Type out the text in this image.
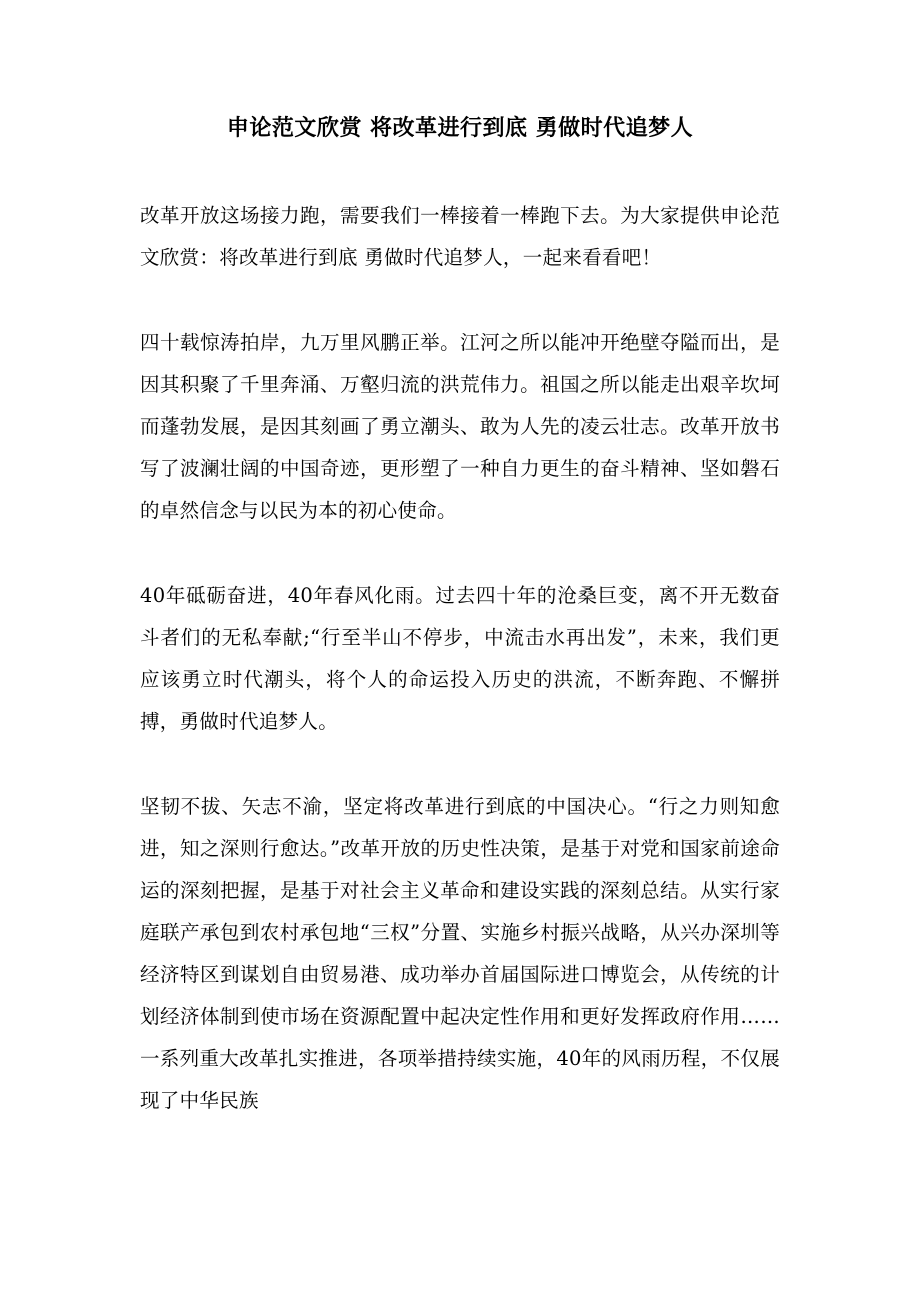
申论范文欣赏 将改革进行到底 勇做时代追梦人

改革开放这场接力跑，需要我们一棒接着一棒跑下去。为大家提供申论范文欣赏：将改革进行到底 勇做时代追梦人，一起来看看吧！

四十载惊涛拍岸，九万里风鹏正举。江河之所以能冲开绝壁夺隘而出，是因其积聚了千里奔涌、万壑归流的洪荒伟力。祖国之所以能走出艰辛坎坷而蓬勃发展，是因其刻画了勇立潮头、敢为人先的凌云壮志。改革开放书写了波澜壮阔的中国奇迹，更形塑了一种自力更生的奋斗精神、坚如磐石的卓然信念与以民为本的初心使命。

40年砥砺奋进，40年春风化雨。过去四十年的沧桑巨变，离不开无数奋斗者们的无私奉献;“行至半山不停步，中流击水再出发”，未来，我们更应该勇立时代潮头，将个人的命运投入历史的洪流，不断奔跑、不懈拼搏，勇做时代追梦人。

坚韧不拔、矢志不渝，坚定将改革进行到底的中国决心。“行之力则知愈进，知之深则行愈达。”改革开放的历史性决策，是基于对党和国家前途命运的深刻把握，是基于对社会主义革命和建设实践的深刻总结。从实行家庭联产承包到农村承包地“三权”分置、实施乡村振兴战略，从兴办深圳等经济特区到谋划自由贸易港、成功举办首届国际进口博览会，从传统的计划经济体制到使市场在资源配置中起决定性作用和更好发挥政府作用……一系列重大改革扎实推进，各项举措持续实施，40年的风雨历程，不仅展现了中华民族
